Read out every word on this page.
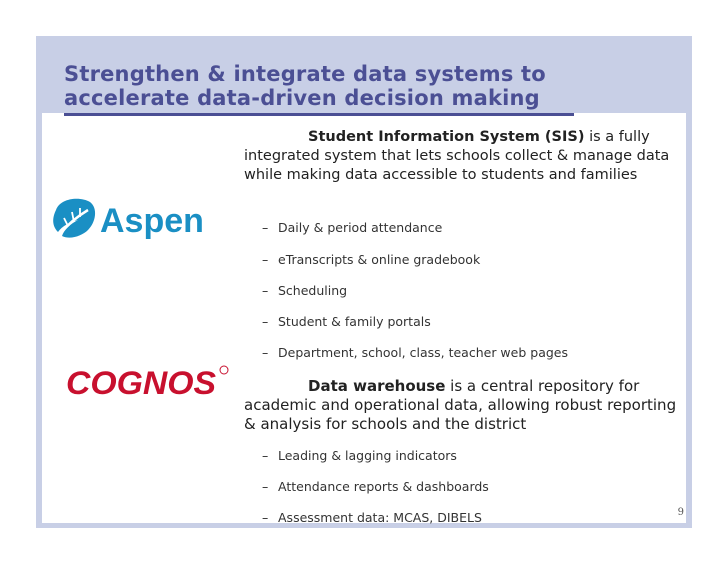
Strengthen & integrate data systems to
accelerate data-driven decision making
Aspen

Student Information System (SIS) is a fully
integrated system that lets schools collect & manage data while making data accessible to students and families

– Daily & period attendance
– eTranscripts & online gradebook
– Scheduling
– Student & family portals
– Department, school, class, teacher web pages
COGNOS	Data warehouse is a central repository for
academic and operational data, allowing robust reporting & analysis for schools and the district

– Leading & lagging indicators
– Attendance reports & dashboards
– Assessment data: MCAS, DIBELS	9
